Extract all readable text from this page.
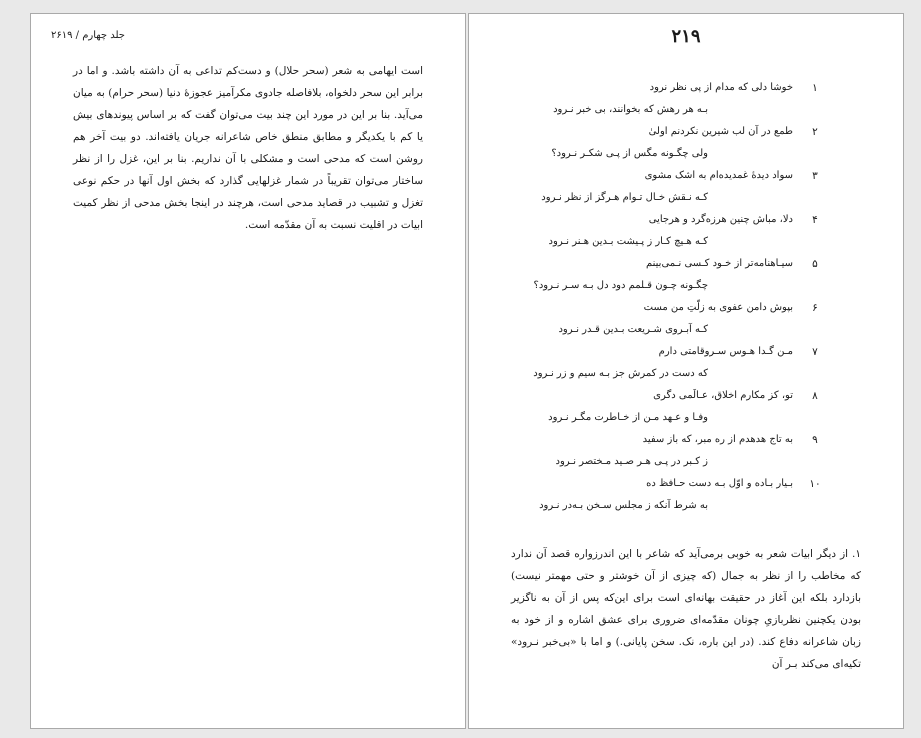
جلد چهارم / ۲۶۱۹
است ایهامی به شعر (سحر حلال) و دست‌کم تداعی به آن داشته باشد. و اما در برابر این سحر دلخواه، بلافاصله جادوی مکرآمیز عجوزهٔ دنیا (سحر حرام) به میان می‌آید. بنا بر این در مورد این چند بیت می‌توان گفت که بر اساس پیوندهای بیش یا کم با یکدیگر و مطابق منطق خاص شاعرانه جریان یافته‌اند. دو بیت آخر هم روشن است که مدحی است و مشکلی با آن نداریم. بنا بر این، غزل را از نظر ساختار می‌توان تقریباً در شمار غزلهایی گذارد که بخش اول آنها در حکم نوعی تغزل و تشبیب در قصاید مدحی است، هرچند در اینجا بخش مدحی از نظر کمیت ابیات در اقلیت نسبت به آن مقدّمه است.
۲۱۹
۱
خوشا دلی که مدام از پی نظر نرود
بـه هر رهش که بخوانند، بی خبر نـرود
۲
طمع در آن لب شیرین نکردنم اولیٰ
ولی چگـونه مگس از پـی شکـر نـرود؟
۳
سواد دیدهٔ غمدیده‌ام به اشک مشوی
کـه نـقش خـال تـوام هـرگز از نظر نـرود
۴
دلا، مباش چنین هرزه‌گرد و هرجایی
کـه هـیچ کـار ز پـیشت بـدین هـنر نـرود
۵
سیـاهنامه‌تر از خـود کـسی نـمی‌بینم
چگـونه چـون قـلمم دود دل بـه سـر نـرود؟
۶
بپوش دامن عفوی به زلّتِ من مست
کـه آبـروی شـریعت بـدین قـدر نـرود
۷
مـن گـدا هـوس سـروقامتی دارم
که دست در کمرش جز بـه سیم و زر نـرود
۸
تو، کز مکارم اخلاق، عـالَمی دگری
وفـا و عـهد مـن از خـاطرت مگـر نـرود
۹
به تاج هدهدم از ره مبر، که باز سفید
ز کـبر در پـی هـر صـید مـختصر نـرود
۱۰
بـیار بـاده و اوّل بـه دست حـافظ ده
به شرط آنکه ز مجلس سـخن بـه‌در نـرود
۱. از دیگر ابیات شعر به خوبی برمی‌آید که شاعر با این اندرزواره قصد آن ندارد که مخاطب را از نظر به جمال (که چیزی از آن خوشتر و حتی مهمتر نیست) بازدارد بلکه این آغاز در حقیقت بهانه‌ای است برای این‌که پس از آن به ناگزیر بودن یکچنین نظربازیِ چونان مقدّمه‌ای ضروری برای عشق اشاره و از خود به زبان شاعرانه دفاع کند. (در این باره، نک. سخن پایانی.) و اما با «بی‌خبر نـرود» تکیه‌ای می‌کند بـر آن
